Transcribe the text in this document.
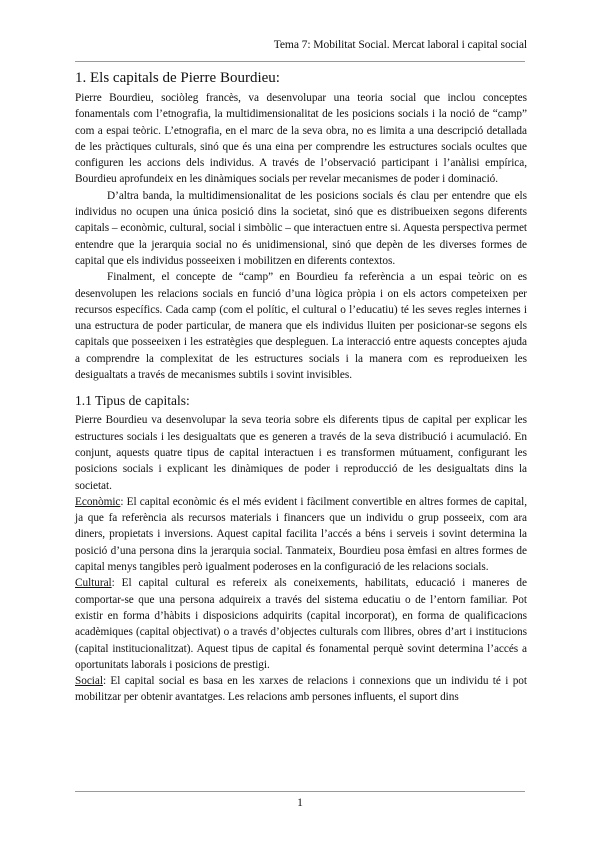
Tema 7: Mobilitat Social. Mercat laboral i capital social
1. Els capitals de Pierre Bourdieu:

Pierre Bourdieu, sociòleg francès, va desenvolupar una teoria social que inclou conceptes fonamentals com l’etnografia, la multidimensionalitat de les posicions socials i la noció de “camp” com a espai teòric. L’etnografia, en el marc de la seva obra, no es limita a una descripció detallada de les pràctiques culturals, sinó que és una eina per comprendre les estructures socials ocultes que configuren les accions dels individus. A través de l’observació participant i l’anàlisi empírica, Bourdieu aprofundeix en les dinàmiques socials per revelar mecanismes de poder i dominació.

D’altra banda, la multidimensionalitat de les posicions socials és clau per entendre que els individus no ocupen una única posició dins la societat, sinó que es distribueixen segons diferents capitals – econòmic, cultural, social i simbòlic – que interactuen entre si. Aquesta perspectiva permet entendre que la jerarquia social no és unidimensional, sinó que depèn de les diverses formes de capital que els individus posseeixen i mobilitzen en diferents contextos.

Finalment, el concepte de “camp” en Bourdieu fa referència a un espai teòric on es desenvolupen les relacions socials en funció d’una lògica pròpia i on els actors competeixen per recursos específics. Cada camp (com el polític, el cultural o l’educatiu) té les seves regles internes i una estructura de poder particular, de manera que els individus lluiten per posicionar-se segons els capitals que posseeixen i les estratègies que despleguen. La interacció entre aquests conceptes ajuda a comprendre la complexitat de les estructures socials i la manera com es reprodueixen les desigualtats a través de mecanismes subtils i sovint invisibles.

1.1 Tipus de capitals:

Pierre Bourdieu va desenvolupar la seva teoria sobre els diferents tipus de capital per explicar les estructures socials i les desigualtats que es generen a través de la seva distribució i acumulació. En conjunt, aquests quatre tipus de capital interactuen i es transformen mútuament, configurant les posicions socials i explicant les dinàmiques de poder i reproducció de les desigualtats dins la societat.

Econòmic: El capital econòmic és el més evident i fàcilment convertible en altres formes de capital, ja que fa referència als recursos materials i financers que un individu o grup posseeix, com ara diners, propietats i inversions. Aquest capital facilita l’accés a béns i serveis i sovint determina la posició d’una persona dins la jerarquia social. Tanmateix, Bourdieu posa èmfasi en altres formes de capital menys tangibles però igualment poderoses en la configuració de les relacions socials.

Cultural: El capital cultural es refereix als coneixements, habilitats, educació i maneres de comportar-se que una persona adquireix a través del sistema educatiu o de l’entorn familiar. Pot existir en forma d’hàbits i disposicions adquirits (capital incorporat), en forma de qualificacions acadèmiques (capital objectivat) o a través d’objectes culturals com llibres, obres d’art i institucions (capital institucionalitzat). Aquest tipus de capital és fonamental perquè sovint determina l’accés a oportunitats laborals i posicions de prestigi.

Social: El capital social es basa en les xarxes de relacions i connexions que un individu té i pot mobilitzar per obtenir avantatges. Les relacions amb persones influents, el suport dins

1
